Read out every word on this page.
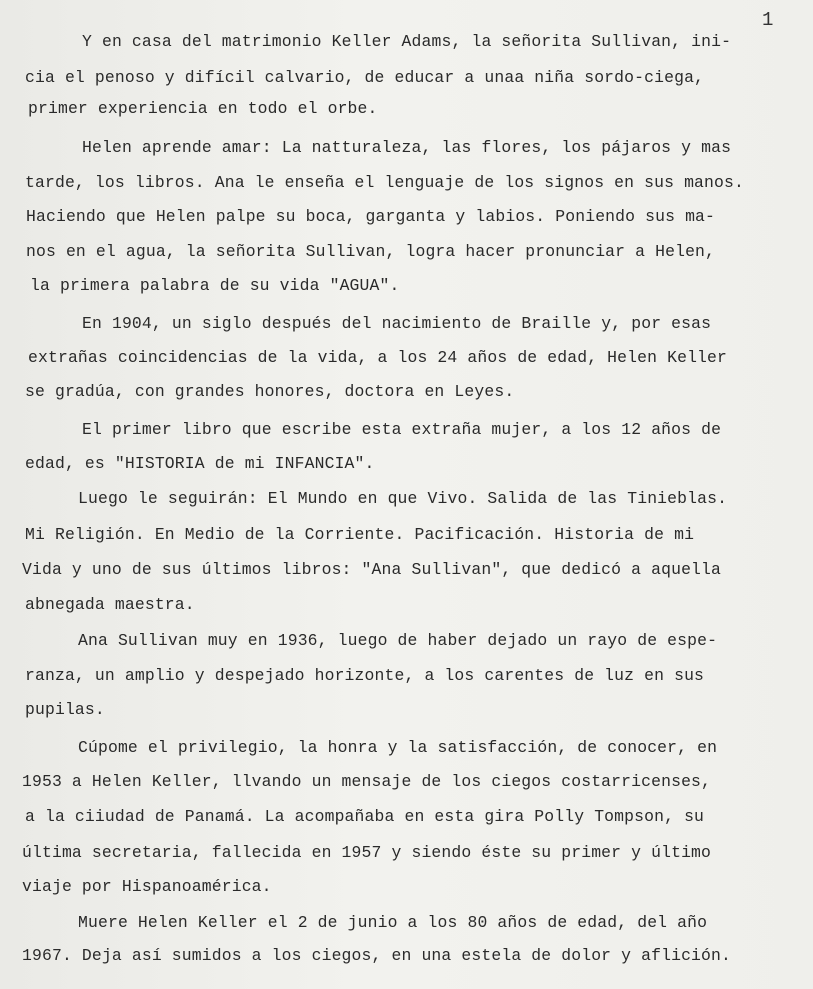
1
Y en casa del matrimonio Keller Adams, la señorita Sullivan, ini-
cia el penoso y difícil calvario, de educar a unaa niña sordo-ciega,
primer experiencia en todo el orbe.
Helen aprende amar: La natturaleza, las flores, los pájaros y mas
tarde, los libros. Ana le enseña el lenguaje de los signos en sus manos.
Haciendo que Helen palpe su boca, garganta y labios. Poniendo sus ma-
nos en el agua, la señorita Sullivan, logra hacer pronunciar a Helen,
la primera palabra de su vida "AGUA".
En 1904, un siglo después del nacimiento de Braille y, por esas
extrañas coincidencias de la vida, a los 24 años de edad, Helen Keller
se gradúa, con grandes honores, doctora en Leyes.
El primer libro que escribe esta extraña mujer, a los 12 años de
edad, es "HISTORIA de mi INFANCIA".
Luego le seguirán: El Mundo en que Vivo. Salida de las Tinieblas.
Mi Religión. En Medio de la Corriente. Pacificación. Historia de mi
Vida y uno de sus últimos libros: "Ana Sullivan", que dedicó a aquella
abnegada maestra.
Ana Sullivan muy en 1936, luego de haber dejado un rayo de espe-
ranza, un amplio y despejado horizonte, a los carentes de luz en sus
pupilas.
Cúpome el privilegio, la honra y la satisfacción, de conocer, en
1953 a Helen Keller, llvando un mensaje de los ciegos costarricenses,
a la ciiudad de Panamá. La acompañaba en esta gira Polly Tompson, su
última secretaria, fallecida en 1957 y siendo éste su primer y último
viaje por Hispanoamérica.
Muere Helen Keller el 2 de junio a los 80 años de edad, del año
1967. Deja así sumidos a los ciegos, en una estela de dolor y aflición.
